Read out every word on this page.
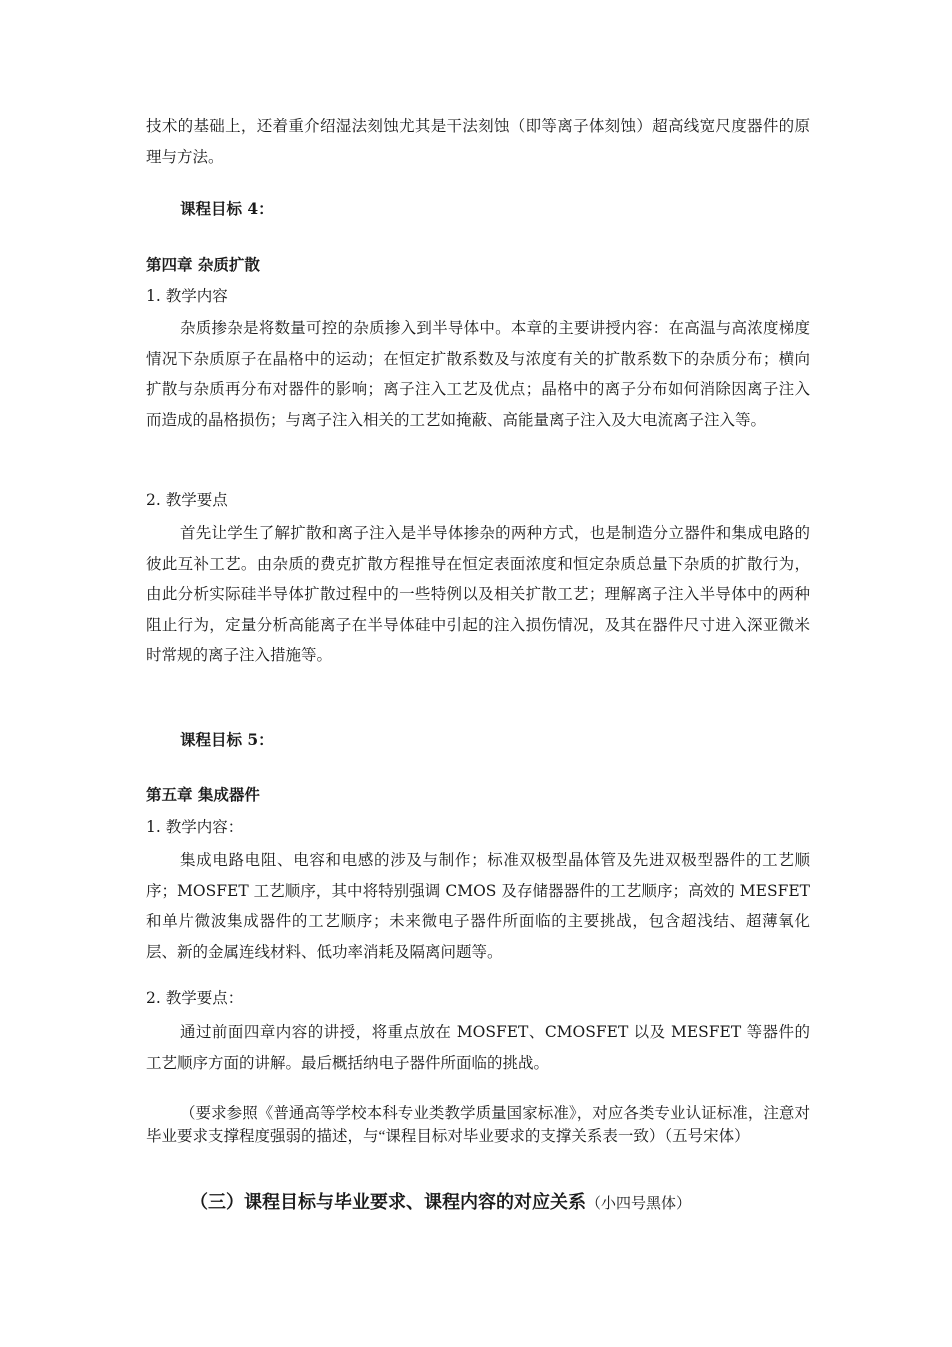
技术的基础上，还着重介绍湿法刻蚀尤其是干法刻蚀（即等离子体刻蚀）超高线宽尺度器件的原理与方法。

课程目标 4：
第四章 杂质扩散
1. 教学内容

杂质掺杂是将数量可控的杂质掺入到半导体中。本章的主要讲授内容：在高温与高浓度梯度情况下杂质原子在晶格中的运动；在恒定扩散系数及与浓度有关的扩散系数下的杂质分布；横向扩散与杂质再分布对器件的影响；离子注入工艺及优点；晶格中的离子分布如何消除因离子注入而造成的晶格损伤；与离子注入相关的工艺如掩蔽、高能量离子注入及大电流离子注入等。

2. 教学要点

首先让学生了解扩散和离子注入是半导体掺杂的两种方式，也是制造分立器件和集成电路的彼此互补工艺。由杂质的费克扩散方程推导在恒定表面浓度和恒定杂质总量下杂质的扩散行为，由此分析实际硅半导体扩散过程中的一些特例以及相关扩散工艺；理解离子注入半导体中的两种阻止行为，定量分析高能离子在半导体硅中引起的注入损伤情况，及其在器件尺寸进入深亚微米时常规的离子注入措施等。

课程目标 5：
第五章 集成器件
1. 教学内容：

集成电路电阻、电容和电感的涉及与制作；标准双极型晶体管及先进双极型器件的工艺顺序；MOSFET 工艺顺序，其中将特别强调 CMOS 及存储器器件的工艺顺序；高效的 MESFET 和单片微波集成器件的工艺顺序；未来微电子器件所面临的主要挑战，包含超浅结、超薄氧化层、新的金属连线材料、低功率消耗及隔离问题等。

2. 教学要点：

通过前面四章内容的讲授，将重点放在 MOSFET、CMOSFET 以及 MESFET 等器件的工艺顺序方面的讲解。最后概括纳电子器件所面临的挑战。

（要求参照《普通高等学校本科专业类教学质量国家标准》，对应各类专业认证标准，注意对毕业要求支撑程度强弱的描述，与“课程目标对毕业要求的支撑关系表一致）（五号宋体）

（三）课程目标与毕业要求、课程内容的对应关系（小四号黑体）
